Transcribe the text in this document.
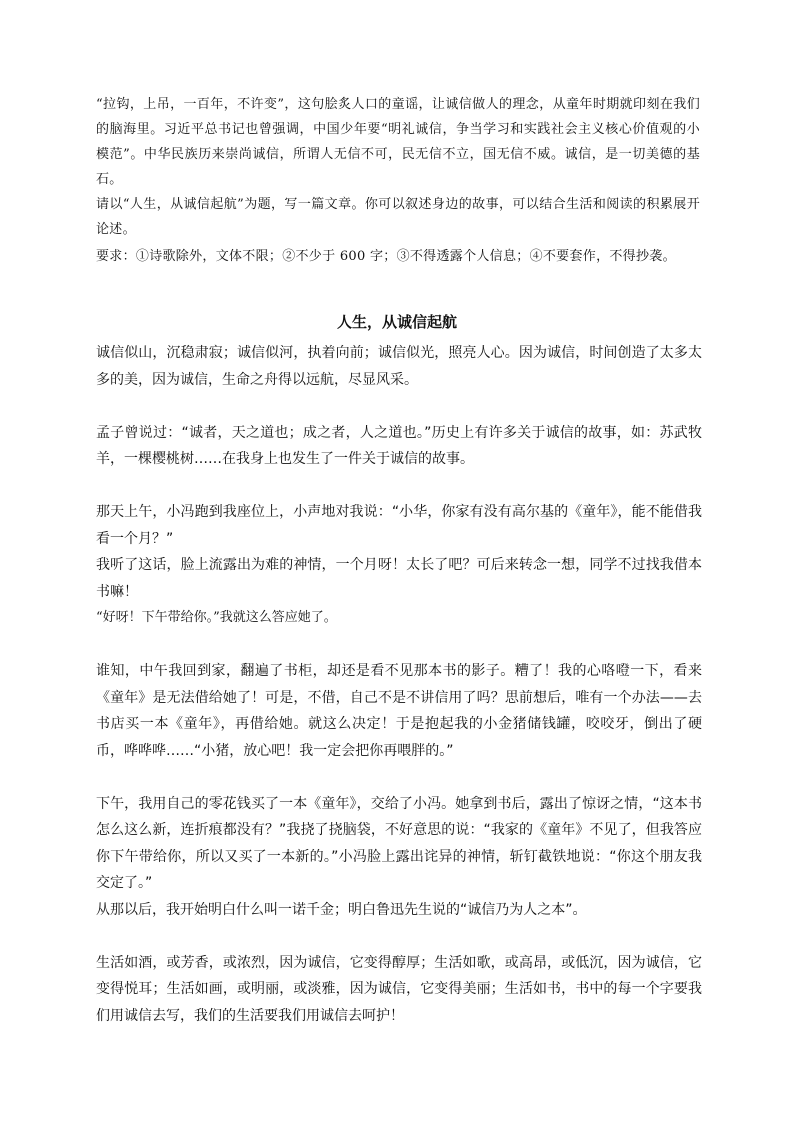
“拉钩，上吊，一百年，不许变”，这句脍炙人口的童谣，让诚信做人的理念，从童年时期就印刻在我们的脑海里。习近平总书记也曾强调，中国少年要“明礼诚信，争当学习和实践社会主义核心价值观的小模范”。中华民族历来崇尚诚信，所谓人无信不可，民无信不立，国无信不威。诚信，是一切美德的基石。

请以“人生，从诚信起航”为题，写一篇文章。你可以叙述身边的故事，可以结合生活和阅读的积累展开论述。

要求：①诗歌除外，文体不限；②不少于 600 字；③不得透露个人信息；④不要套作，不得抄袭。

人生，从诚信起航

诚信似山，沉稳肃寂；诚信似河，执着向前；诚信似光，照亮人心。因为诚信，时间创造了太多太多的美，因为诚信，生命之舟得以远航，尽显风采。

孟子曾说过：“诚者，天之道也；成之者，人之道也。”历史上有许多关于诚信的故事，如：苏武牧羊，一棵樱桃树……在我身上也发生了一件关于诚信的故事。

那天上午，小冯跑到我座位上，小声地对我说：“小华，你家有没有高尔基的《童年》，能不能借我看一个月？”

我听了这话，脸上流露出为难的神情，一个月呀！太长了吧？可后来转念一想，同学不过找我借本书嘛！

“好呀！下午带给你。”我就这么答应她了。

谁知，中午我回到家，翻遍了书柜，却还是看不见那本书的影子。糟了！我的心咯噔一下，看来《童年》是无法借给她了！可是，不借，自己不是不讲信用了吗？思前想后，唯有一个办法——去书店买一本《童年》，再借给她。就这么决定！于是抱起我的小金猪储钱罐，咬咬牙，倒出了硬币，哗哗哗……“小猪，放心吧！我一定会把你再喂胖的。”

下午，我用自己的零花钱买了一本《童年》，交给了小冯。她拿到书后，露出了惊讶之情，“这本书怎么这么新，连折痕都没有？”我挠了挠脑袋，不好意思的说：“我家的《童年》不见了，但我答应你下午带给你，所以又买了一本新的。”小冯脸上露出诧异的神情，斩钉截铁地说：“你这个朋友我交定了。”

从那以后，我开始明白什么叫一诺千金；明白鲁迅先生说的“诚信乃为人之本”。

生活如酒，或芳香，或浓烈，因为诚信，它变得醇厚；生活如歌，或高昂，或低沉，因为诚信，它变得悦耳；生活如画，或明丽，或淡雅，因为诚信，它变得美丽；生活如书，书中的每一个字要我们用诚信去写，我们的生活要我们用诚信去呵护！
